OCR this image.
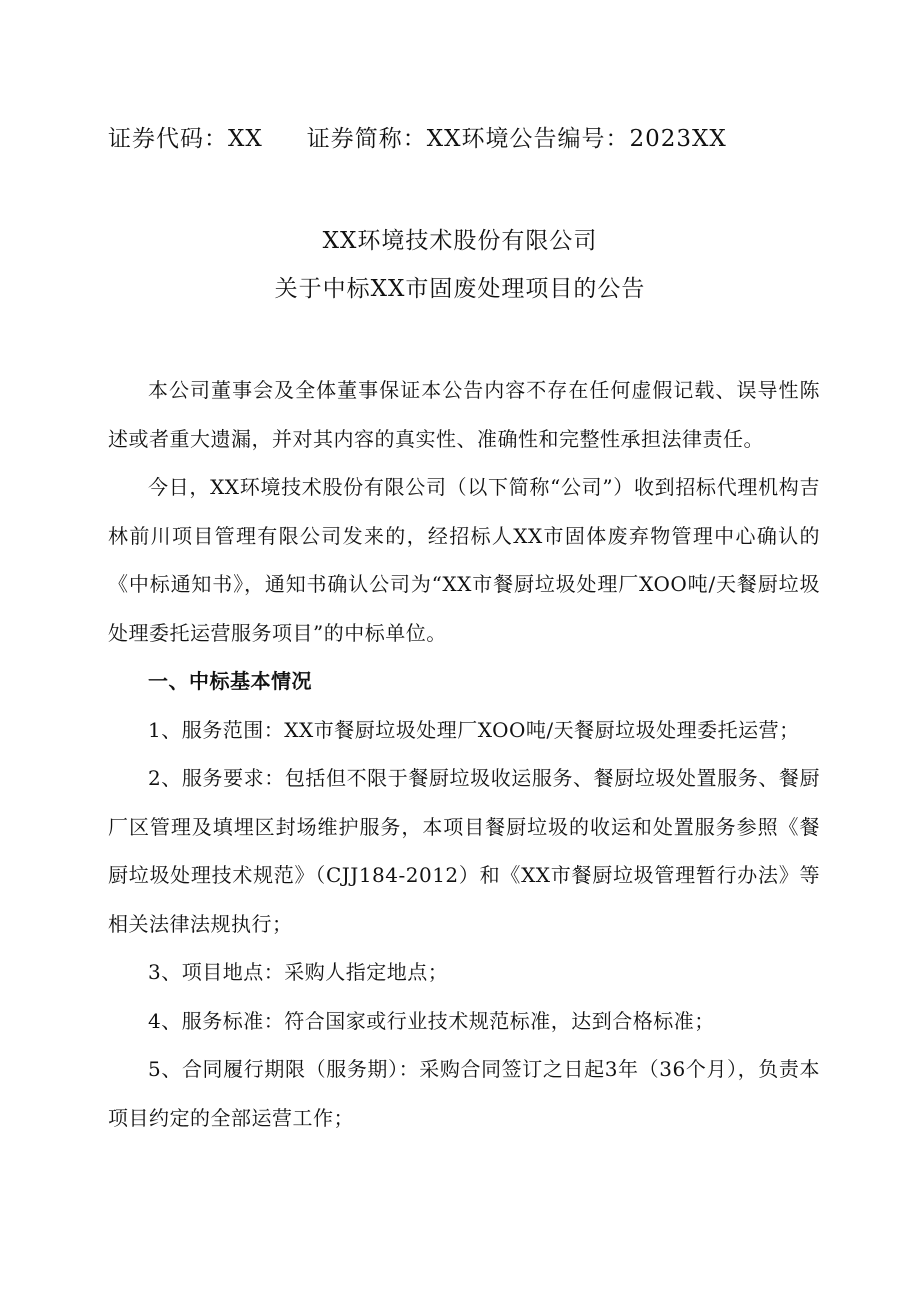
证券代码：XX 证券简称：XX环境公告编号：2023XX
XX环境技术股份有限公司
关于中标XX市固废处理项目的公告

本公司董事会及全体董事保证本公告内容不存在任何虚假记载、误导性陈述或者重大遗漏，并对其内容的真实性、准确性和完整性承担法律责任。

今日，XX环境技术股份有限公司（以下简称“公司”）收到招标代理机构吉林前川项目管理有限公司发来的，经招标人XX市固体废弃物管理中心确认的《中标通知书》，通知书确认公司为“XX市餐厨垃圾处理厂XOO吨/天餐厨垃圾处理委托运营服务项目”的中标单位。

一、中标基本情况

1、服务范围：XX市餐厨垃圾处理厂XOO吨/天餐厨垃圾处理委托运营；

2、服务要求：包括但不限于餐厨垃圾收运服务、餐厨垃圾处置服务、餐厨厂区管理及填埋区封场维护服务，本项目餐厨垃圾的收运和处置服务参照《餐厨垃圾处理技术规范》（CJJ184-2012）和《XX市餐厨垃圾管理暂行办法》等相关法律法规执行；

3、项目地点：采购人指定地点；

4、服务标准：符合国家或行业技术规范标准，达到合格标准；

5、合同履行期限（服务期）：采购合同签订之日起3年（36个月），负责本项目约定的全部运营工作；
